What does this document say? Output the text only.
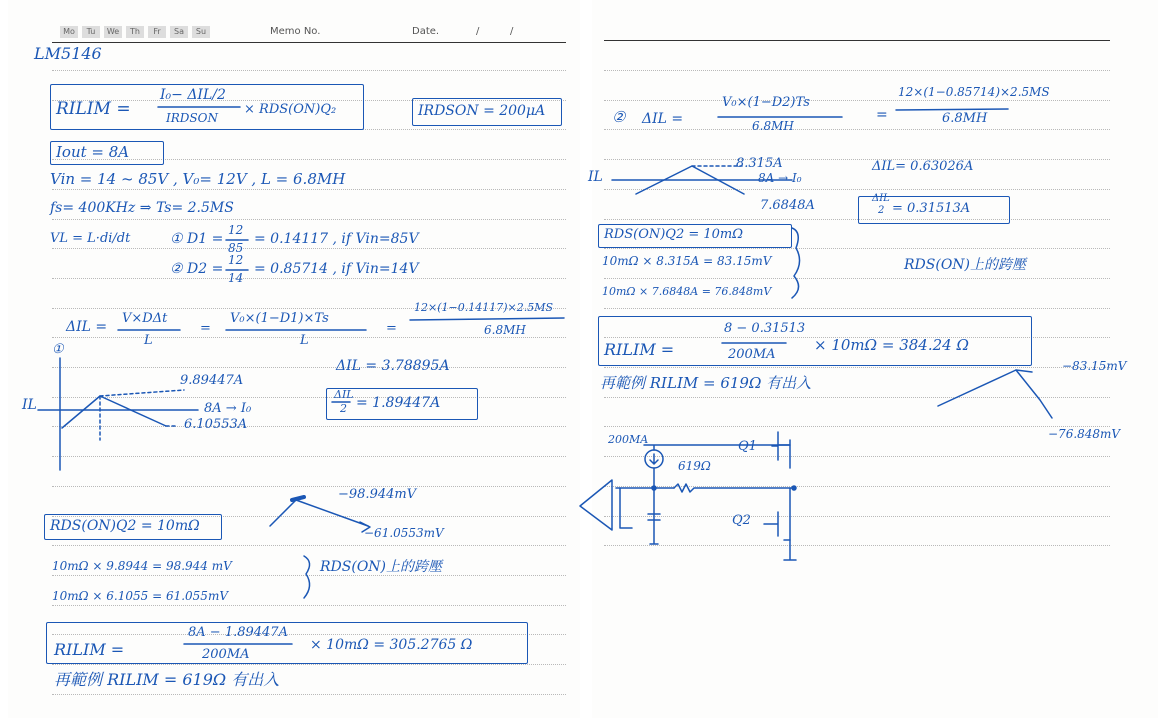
Mo	Tu	We	Th	Fr	Sa	Su	Memo No.	Date.	/	/
LM5146
RILIM =
I₀− ΔIL/2
IRDSON
× RDS(ON)Q₂	IRDSON = 200μA
Iout = 8A
Vin = 14 ~ 85V , V₀= 12V , L = 6.8MH
fs= 400KHz ⇒ Ts= 2.5MS
VL = L·di/dt	① D1 =
12
85
= 0.14117 , if Vin=85V
② D2 =
12
14
= 0.85714 , if Vin=14V
ΔIL =
V×DΔt
L
=
V₀×(1−D1)×Ts
L
=
12×(1−0.14117)×2.5MS
6.8MH
①
IL
9.89447A
8A → I₀
6.10553A
ΔIL = 3.78895A
ΔIL
2 = 1.89447A
−98.944mV
−61.0553mV
RDS(ON)Q2 = 10mΩ
10mΩ × 9.8944 = 98.944 mV
10mΩ × 6.1055 = 61.055mV
RDS(ON)上的跨壓
RILIM =
8A − 1.89447A
200MA
× 10mΩ = 305.2765 Ω
再範例 RILIM = 619Ω 有出入
② ΔIL =
V₀×(1−D2)Ts
6.8MH
=
12×(1−0.85714)×2.5MS
6.8MH
IL
8.315A
8A → I₀
7.6848A
ΔIL= 0.63026A
ΔIL
2 = 0.31513A
RDS(ON)Q2 = 10mΩ
10mΩ × 8.315A = 83.15mV
10mΩ × 7.6848A = 76.848mV
RDS(ON)上的跨壓
RILIM =
8 − 0.31513
200MA
× 10mΩ = 384.24 Ω
再範例 RILIM = 619Ω 有出入
−83.15mV
−76.848mV
200MA
619Ω
Q1
Q2
